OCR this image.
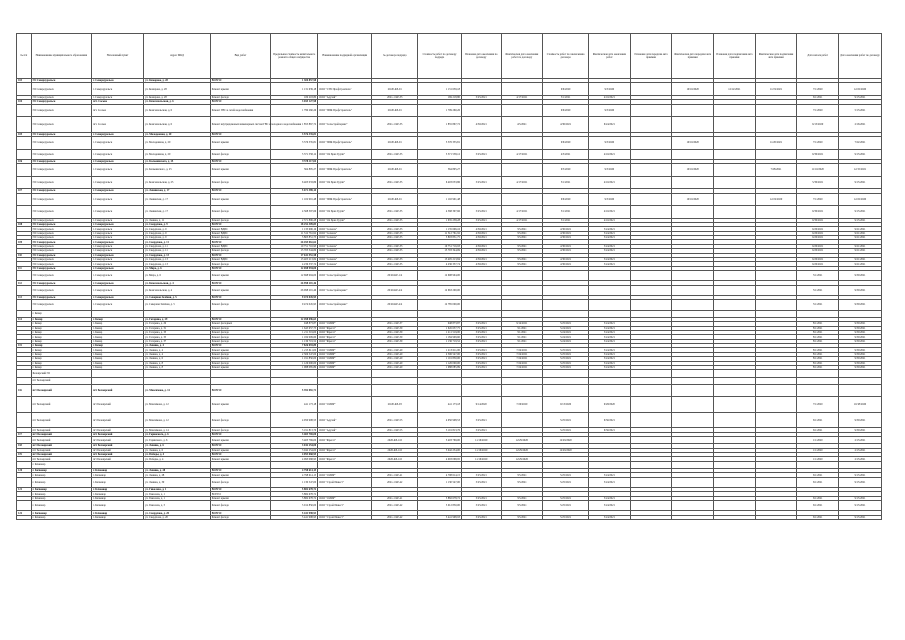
№ п/п	Наименование муниципального образования	Населенный пункт	Адрес МКД	Вид работ	Предельная стоимость капитального ремонта общего имущества	Наименование подрядной организации	№ договора подряда	Стоимость работ по договору подряда	Плановая дата окончания по договору	Фактическая дата окончания работ по договору	Стоимость работ по заключению договора	Фактическая дата окончания работ	Плановая дата передачи акта приемки	Фактическая дата передачи акта приемки	Плановая дата подписания акта приемки	Фактическая дата подписания акта приемки	Дата начала работ	Дата окончания работ по договору
103	ГО Североуральск	г. Североуральск	ул. Комарова, д. 28	ВСЕГО:	1 300 857,98													
	ГО Североуральск	г. Североуральск	ул. Комарова, д. 28	Ремонт крыши	1 131 639,18	ООО "СУБ Профстроитель"	20/20-КР-91	1 131 639,18			9/6/2020	9/3/2020		10/16/2020	12/12/2021	11/19/2021	7/1/2020	12/22/2020
	ГО Североуральск	г. Североуральск	ул. Комарова, д. 28	Ремонт фасада	169 218,80	ООО "Адулай"	2021-1 КР-33	169 218,80	5/25/2021	4/17/2021	3/1/2021	4/16/2021					6/1/2021	9/15/2021
104	ГО Североуральск	пгт. Сосьва	ул. Комсомольская, д. 6	ВСЕГО:	3 655 127,98													
	ГО Североуральск	пгт. Сосьва	ул. Комсомольская, д. 6	Ремонт ГВС и сетей водоснабжения	1 799 260,26	ООО "ПИК Профстроитель"	20/20-КР-91	1 799 260,26			9/6/2020	9/3/2020					7/1/2020	5/15/2021
	ГО Североуральск	пгт. Сосьва	ул. Комсомольская, д. 6	Ремонт внутридомовых инженерных систем ГВС и холодного водоснабжения	1 855 867,72	ООО "Сельстройсервис"	2021-1 КР-35	1 855 867,72	4/30/2021	4/5/2021	4/30/2021	6/24/2021					6/15/2020	2/16/2021
105	ГО Североуральск	г. Североуральск	ул. Молодежная, д. 20	ВСЕГО:	3 576 335,81													
	ГО Североуральск	г. Североуральск	ул. Молодежная, д. 20	Ремонт крыши	3 576 335,81	ООО "ПИК Профстроитель"	20/20-КР-91	3 576 335,81			9/6/2020	9/3/2020		10/16/2020		11/20/2021	7/1/2020	7/22/2021
	ГО Североуральск	г. Североуральск	ул. Молодежная, д. 20	Ремонт фасада	5 371 558,12	ООО "СК Бриз Групп"	2021-1 КР-35	5 371 558,12	5/25/2021	4/17/2021	4/3/2021	4/16/2021					6/30/2021	9/15/2021
106	ГО Североуральск	г. Североуральск	ул. Кальвинского, д. 25	ВСЕГО:	9 578 117,84													
	ГО Североуральск	г. Североуральск	ул. Кальвинского, д. 25	Ремонт крыши	364 895,27	ООО "ПИК Профстроитель"	20/20-КР-91	364 895,27			9/5/2020	9/3/2020		10/16/2020		7/28/2021	11/10/2020	12/15/2021
	ГО Североуральск	г. Североуральск	ул. Комсомольская, д. 25	Ремонт фасада	6 403 033,86	ООО "СК Бриз Групп"	2021-1 КР-35	6 403 033,86	5/25/2021	4/17/2021	3/1/2021	4/16/2021					5/30/2021	9/15/2021
107	ГО Североуральск	г. Североуральск	ул. Ленинская, д. 17	ВСЕГО:	5 671 389,14													
	ГО Североуральск	г. Североуральск	ул. Ленинская, д. 17	Ремонт крыши	1 102 991,48	ООО "ПИК Профстроитель"	20/20-КР-91	1 102 991,48			9/6/2020	9/3/2020		10/16/2020		12/22/2020	7/1/2020	12/22/2020
	ГО Североуральск	г. Североуральск	ул. Ленинская, д. 17	Ремонт фасада	4 568 397,66	ООО "СК Бриз Групп"	2021-1 КР-35	4 568 397,66	5/25/2021	4/17/2021	3/1/2021	4/16/2021					6/30/2021	9/15/2021
	ГО Североуральск	г. Североуральск	ул. Ленина, д. 11	Ремонт фасада	2 371 896,28	ООО "СК Бриз Групп"	2021-1 КР-35	1 635 238,28	5/25/2021	4/17/2021	3/1/2021	4/16/2021					6/30/2021	9/15/2021
108	ГО Североуральск	г. Североуральск	ул. Свердлова, д. 9	ВСЕГО:	18 252 309,83													
	ГО Североуральск	г. Североуральск	ул. Свердлова, д. 9	Ремонт ВДИС	1 135 696,16	ООО "Сельтек"	2021-1 КР-33	1 135 696,16	4/30/2021	3/5/2021	4/30/2021	5/24/2021					6/20/2021	9/21/2021
	ГО Североуральск	г. Североуральск	ул. Свердлова, д. 9	Ремонт ВДИС	11 312 761,92	ООО "Сельтек"	2021-1 КР-33	11 312 761,92	4/30/2021	3/5/2021	4/30/2021	5/24/2021					6/20/2021	9/21/2021
	ГО Североуральск	г. Североуральск	ул. Свердлова, д. 9	Ремонт фасада	5 803 851,75	ООО "Сельтек"	2021-1 КР-35	5 803 851,75	4/30/2021	3/5/2021	4/30/2021	5/24/2021					6/20/2021	9/21/2021
109	ГО Североуральск	г. Североуральск	ул. Свердлова, д. 11	ВСЕГО:	26 455 061,62													
	ГО Североуральск	г. Североуральск	ул. Свердлова, д. 11	Ремонт ВДИС	10 751 716,93	ООО "Сельтек"	2021-1 КР-33	10 751 716,93	4/30/2021	3/5/2021	4/30/2021	5/24/2021					6/20/2021	9/21/2021
	ГО Североуральск	г. Североуральск	ул. Свердлова, д. 11	Ремонт фасада	15 703 344,69	ООО "Сельтек"	2021-1 КР-35	15 703 344,69	4/30/2021	3/5/2021	4/30/2021	5/24/2021					6/20/2021	9/21/2021
110	ГО Североуральск	г. Североуральск	ул. Свердлова, д. 13	ВСЕГО:	17 641 551,58													
	ГО Североуральск	г. Североуральск	ул. Свердлова, д. 13	Ремонт ВДИС	13 405 213,84	ООО "Сельтек"	2021-1 КР-33	13 405 213,84	4/30/2021	3/5/2021	4/30/2021	5/24/2021					6/20/2021	9/21/2021
	ГО Североуральск	г. Североуральск	ул. Свердлова, д. 13	Ремонт фасада	4 236 337,74	ООО "Сельтек"	2021-1 КР-35	4 236 337,74	4/30/2021	3/5/2021	4/30/2021	5/24/2021					6/20/2021	9/21/2021
111	ГО Североуральск	г. Североуральск	ул. Мира, д. 6	ВСЕГО:	12 698 994,00													
	ГО Североуральск	г. Североуральск	ул. Мира, д. 6	Ремонт крыши	12 698 994,00	ООО "Сельстройсервис"	20/20-КР-1/4	12 698 994,00									5/1/2021	9/30/2021
112	ГО Североуральск	г. Североуральск	ул. Комсомольская, д. 4	ВСЕГО:	26 998 201,46													
	ГО Североуральск	г. Североуральск	ул. Комсомольская, д. 4	Ремонт крыши	26 998 201,46	ООО "Сельстройсервис"	20/20-КР-4/4	12 663 200,00									5/1/2021	9/30/2021
113	ГО Североуральск	г. Североуральск	ул. Северная Зелёная, д. 5	ВСЕГО:	9 474 045,95													
	ГО Североуральск	г. Североуральск	ул. Северная Зелёная, д. 5	Ремонт фасада	9 474 045,95	ООО "Сельстройсервис"	20/20-КР-4/4	12 785 000,00									5/1/2021	9/30/2021
	г. Кемер																	
114	г. Кемер	г. Кемер	ул. Гагарина, д. 29	ВСЕГО:	12 498 096,63													
	г. Кемер	г. Кемер	ул. Гагарина, д. 29	Ремонт фасадных	948 873,87	ООО "СМИР"	2021-1 КР-37	948 873,87	5/25/2021	9/14/2021	5/25/2021	5/24/2021					8/1/2021	9/30/2021
	г. Кемер	г. Кемер	ул. Гагарина, д. 31	Ремонт фасада	1 645 657,75	ООО "Фрегат"	2021-1 КР-39	1 645 657,75	5/25/2021	3/1/2021	5/24/2021	5/24/2021					8/1/2021	9/30/2021
	г. Кемер	г. Кемер	ул. Гагарина, д. 33	Ремонт фасада	1 211 519,00	ООО "Фрегат"	2021-1 КР-39	1 211 519,00	5/25/2021	3/1/2021	5/24/2021	5/24/2021					8/1/2021	9/30/2021
	г. Кемер	г. Кемер	ул. Гагарина, д. 35	Ремонт фасада	1 184 909,60	ООО "Фрегат"	2021-1 КР-39	1 184 909,60	5/25/2021	3/1/2021	5/24/2021	5/24/2021					8/1/2021	9/30/2021
	г. Кемер	г. Кемер	ул. Гагарина, д. 37	Ремонт фасада	1 136 719,52	ООО "Фрегат"	2021-1 КР-39	1 136 719,52	5/25/2021	3/1/2021	5/24/2021	5/24/2021					8/1/2021	9/30/2021
115	г. Кемер	г. Кемер	ул. Ленина, д. 4	ВСЕГО:	7 826 093,89													
	г. Кемер	г. Кемер	ул. Ленина, д. 4	Ремонт крыши	1 213 611,00	ООО "СМИР"	2021-1 КР-40	1 213 611,00	5/25/2021	7/24/2021	5/25/2021	5/24/2021					8/1/2021	9/30/2021
	г. Кемер	г. Кемер	ул. Ленина, д. 4	Ремонт фасада	2 306 547,00	ООО "СМИР"	2021-1 КР-40	2 306 547,00	5/25/2021	7/24/2021	5/25/2021	5/24/2021					8/1/2021	9/30/2021
	г. Кемер	г. Кемер	ул. Ленина, д. 6	Ремонт фасада	1 191 850,00	ООО "СМИР"	2021-1 КР-40	1 191 850,00	5/25/2021	7/24/2021	5/25/2021	5/24/2021					8/1/2021	9/30/2021
	г. Кемер	г. Кемер	ул. Ленина, д. 8	Ремонт фасада	1 126 000,00	ООО "СМИР"	2021-1 КР-40	1 126 000,00	5/25/2021	7/24/2021	5/25/2021	5/24/2021					8/1/2021	9/30/2021
	г. Кемер	г. Кемер	ул. Ленина, д. 8	Ремонт крыши	1 988 085,89	ООО "СМИР"	2021-1 КР-40	1 988 085,89	5/25/2021	7/24/2021	5/25/2021	5/24/2021					8/1/2021	9/30/2021
	Белоярский ГО																	
	пгт Белоярский																	
116	пгт Белоярский	пгт Белоярский	ул. Максимова, д. 12	ВСЕГО:	5 392 081,71													
	пгт Белоярский	пгт Белоярский	ул. Максимова, д. 12	Ремонт крыши	441 173,18	ООО "СМИР"	20/20-КР-93	441 173,18	9/14/2020	7/29/2020	9/13/2020	9/28/2020					7/1/2020	10/18/2020
	пгт Белоярский	пгт Белоярский	ул. Максимова, д. 12	Ремонт фасада	4 950 908,53	ООО "Адулай"	2021-1 КР-55	4 950 908,53	5/25/2021		5/25/2021	6/30/2021					6/1/2021	9/30/2021
	пгт Белоярский	пгт Белоярский	ул. Максимова, д. 14	Ремонт фасада	5 191 813,76	ООО "Адулай"	2021-1 КР-55	5 191 813,76	5/25/2021		5/25/2021	6/30/2021					6/1/2021	9/30/2021
117	пгт Белоярский	пгт Белоярский	ул. Гаринского, д. 6	ВСЕГО:	3 403 769,00													
	пгт Белоярский	пгт Белоярский	ул. Гаринского, д. 6	Ремонт крыши	3 403 769,00	ООО "Фрегат"	2020-КР-110	3 403 769,00	11/16/2020	12/29/2020	12/29/2020						1/1/2020	2/15/2021
118	пгт Белоярский	пгт Белоярский	ул. Ленина, д. 6	ВСЕГО:	3 042 254,00													
	пгт Белоярский	пгт Белоярский	ул. Ленина, д. 6	Ремонт крыши	3 042 254,00	ООО "Фрегат"	2020-КР-110	3 042 254,00	11/16/2020	12/29/2020	12/29/2020						1/1/2020	2/15/2021
119	пгт Белоярский	пгт Белоярский	ул. Победы, д. 4	ВСЕГО:	4 093 068,95													
	пгт Белоярский	пгт Белоярский	ул. Победы, д. 4	Ремонт крыши	4 093 068,95	ООО "Фрегат"	2020-КР-110	4 093 068,95	11/16/2020	12/29/2020							1/1/2020	2/15/2021
	г. Качканар																	
120	г. Качканар	г. Качканар	ул. Ленина, д. 28	ВСЕГО:	4 798 614,15													
	г. Качканар	г. Качканар	ул. Ленина, д. 28	Ремонт крыши	4 798 614,15	ООО "СМИР"	2021-1 КР-41	4 798 614,15	5/25/2021	3/5/2021	5/25/2021	5/24/2021					6/1/2021	9/15/2021
	г. Качканар	г. Качканар	ул. Ленина, д. 30	Ремонт фасада	1 130 547,00	ООО "Строй Инвест"	2021-1 КР-42	1 130 547,00	5/25/2021	3/5/2021	5/25/2021	5/24/2021					6/1/2021	9/15/2021
121	г. Качканар	г. Качканар	ул. Гикалова, д. 1	ВСЕГО:	5 882 678,72													
	г. Качканар	г. Качканар	ул. Гикалова, д. 1	ВСЕГО:	5 882 678,72													
	г. Качканар	г. Качканар	ул. Гикалова, д. 1	Ремонт крыши	5 882 678,72	ООО "СМИР"	2021-1 КР-41	5 882 678,72	5/25/2021	3/5/2021	5/25/2021	5/24/2021					6/1/2021	9/15/2021
	г. Качканар	г. Качканар	ул. Гикалова, д. 3	Ремонт фасада	5 012 850,00	ООО "Строй Инвест"	2021-1 КР-42	5 012 850,00	5/25/2021	3/5/2021	5/25/2021	5/24/2021					6/1/2021	9/15/2021
122	г. Качканар	г. Качканар	ул. Свердлова, д. 20	ВСЕГО:	5 441 998,93													
	г. Качканар	г. Качканар	ул. Свердлова, д. 20	Ремонт фасада	5 441 998,93	ООО "Строй Инвест"	2021-1 КР-42	5 441 998,93	5/25/2021	3/5/2021	5/25/2021	5/24/2021					6/1/2021	9/15/2021
